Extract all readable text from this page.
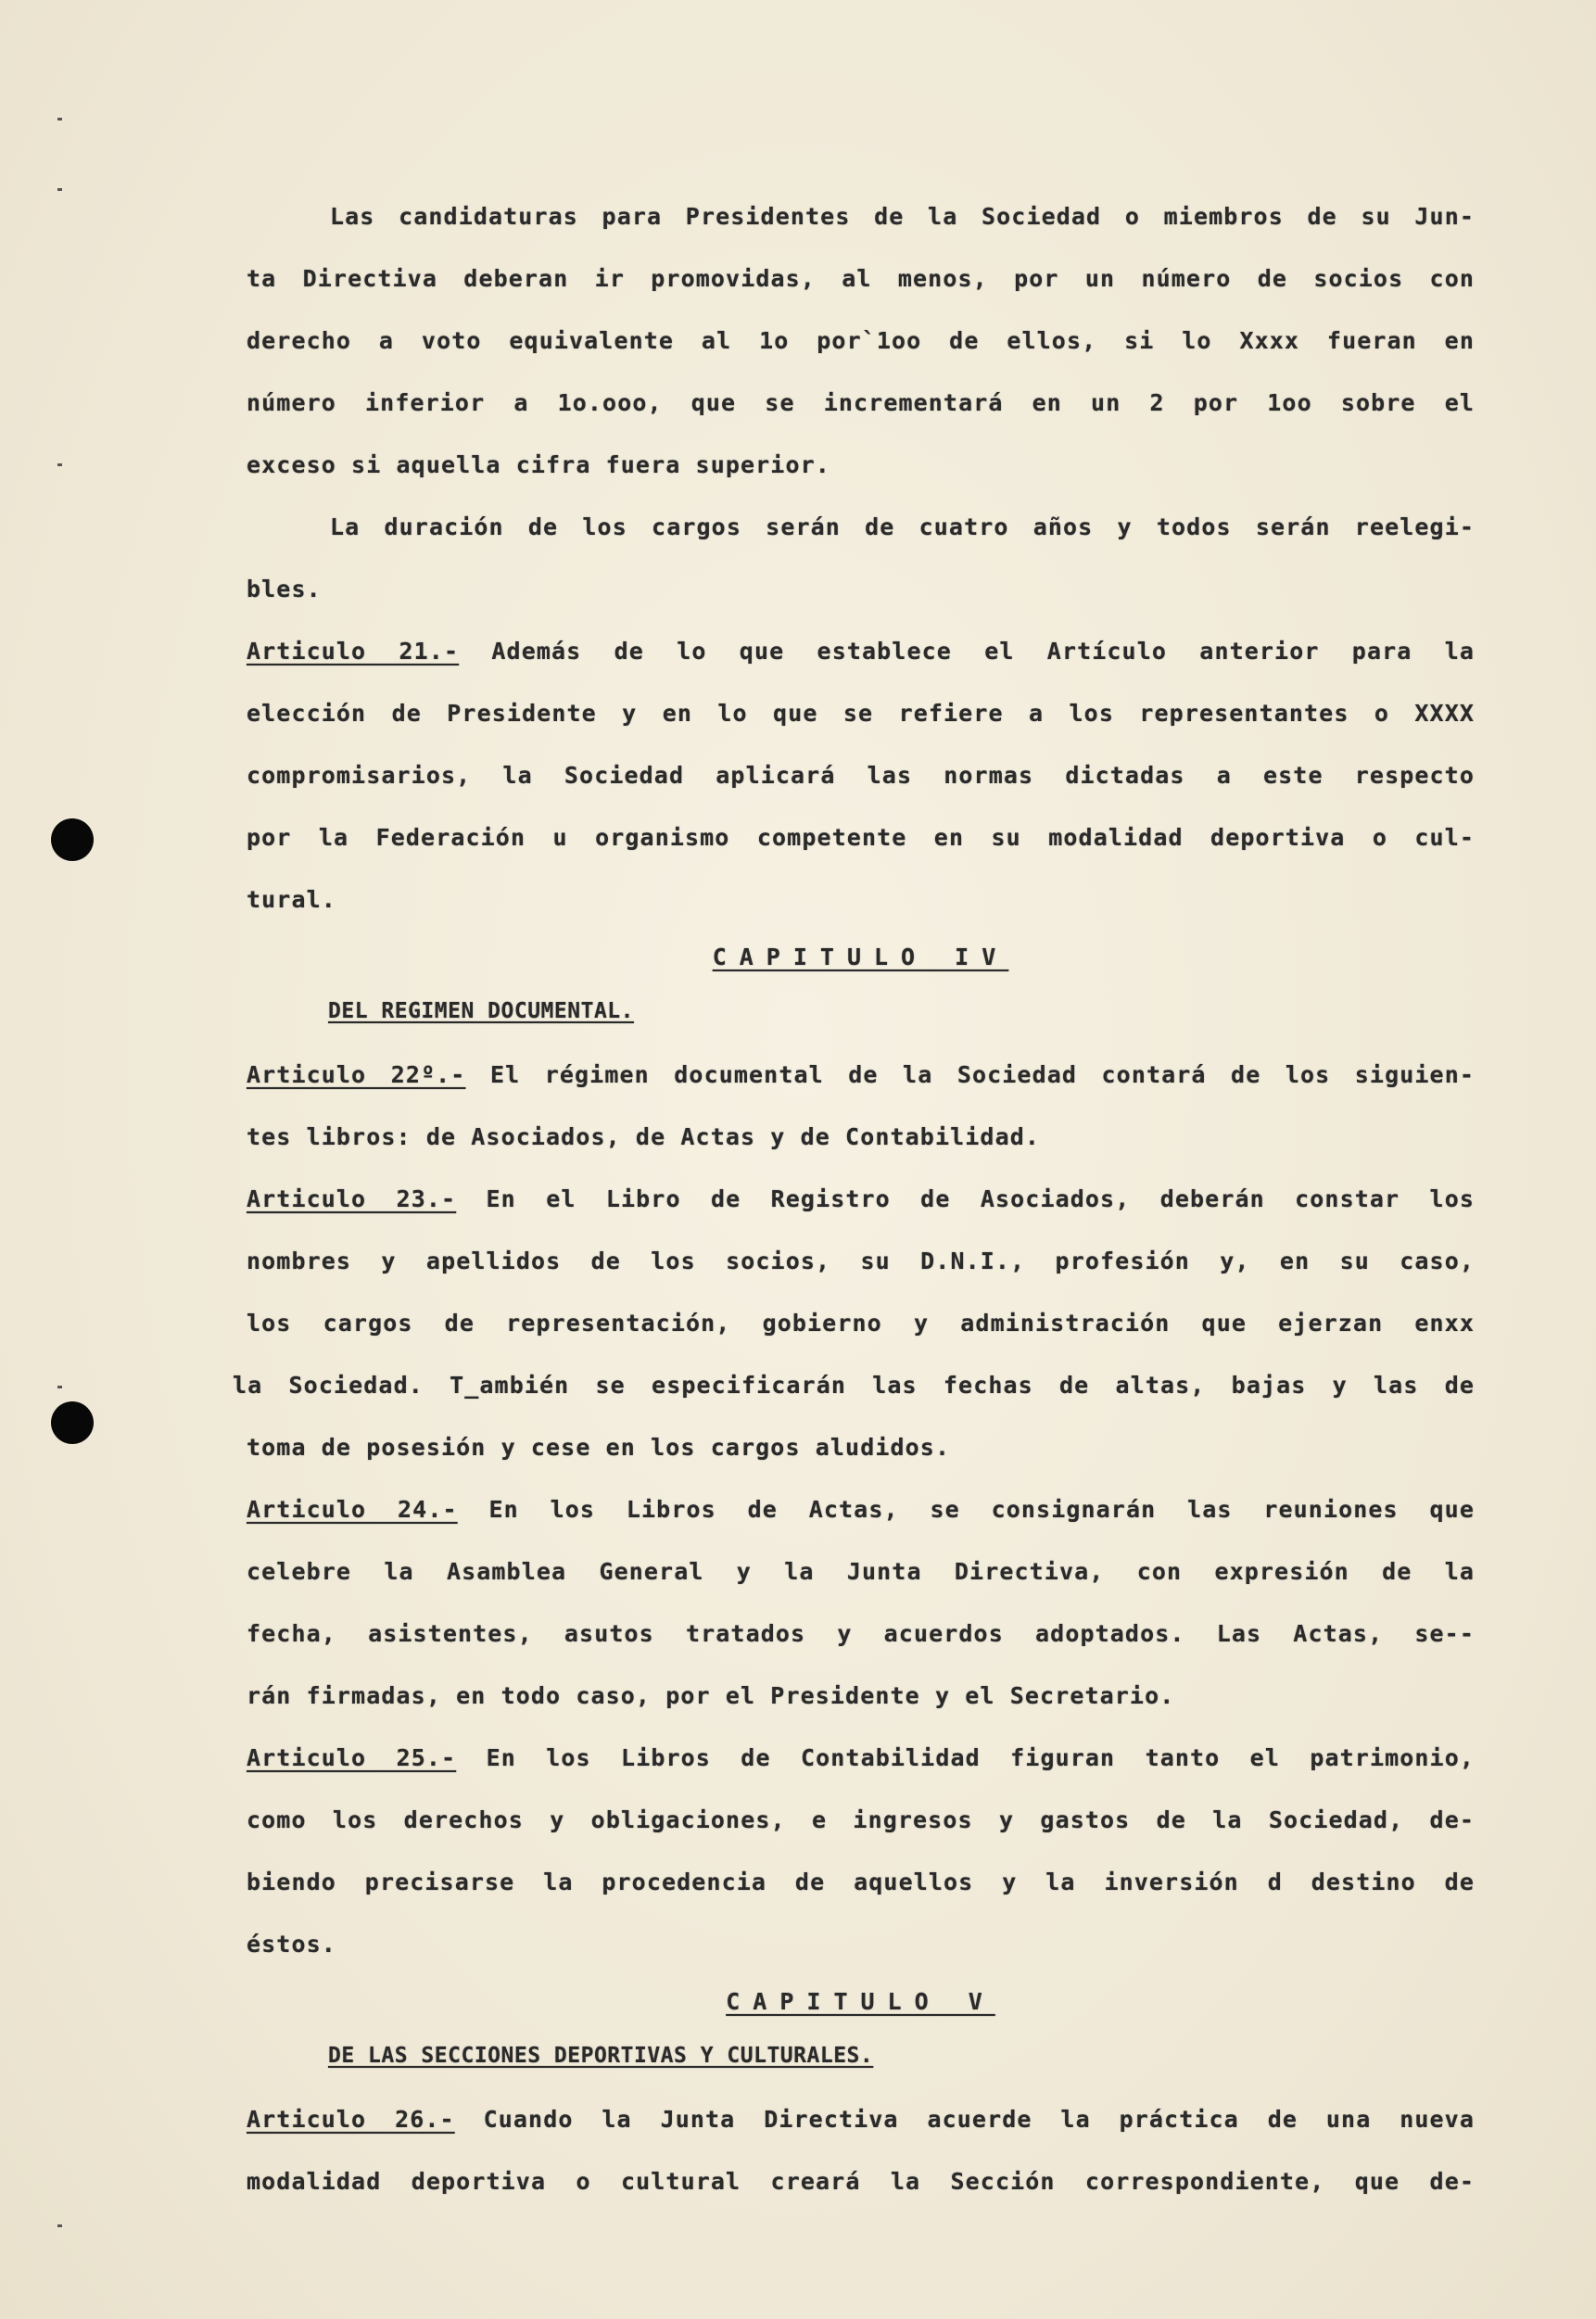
Las candidaturas para Presidentes de la Sociedad o miembros de su Jun-
ta Directiva deberan ir promovidas, al menos, por un número de socios con
derecho a voto equivalente al 1o por`1oo de ellos, si lo Xxxx fueran en
número inferior a 1o.ooo, que se incrementará en un 2 por 1oo sobre el
exceso si aquella cifra fuera superior.
La duración de los cargos serán de cuatro años y todos serán reelegi-
bles.
Articulo 21.- Además de lo que establece el Artículo anterior para la
elección de Presidente y en lo que se refiere a los representantes o XXXX
compromisarios, la Sociedad aplicará las normas dictadas a este respecto
por la Federación u organismo competente en su modalidad deportiva o cul-
tural.
CAPITULO IV
DEL REGIMEN DOCUMENTAL.
Articulo 22º.- El régimen documental de la Sociedad contará de los siguien-
tes libros: de Asociados, de Actas y de Contabilidad.
Articulo 23.- En el Libro de Registro de Asociados, deberán constar los
nombres y apellidos de los socios, su D.N.I., profesión y, en su caso,
los cargos de representación, gobierno y administración que ejerzan enxx
la Sociedad. T_ambién se especificarán las fechas de altas, bajas y las de
toma de posesión y cese en los cargos aludidos.
Articulo 24.- En los Libros de Actas, se consignarán las reuniones que
celebre la Asamblea General y la Junta Directiva, con expresión de la
fecha, asistentes, asutos tratados y acuerdos adoptados. Las Actas, se--
rán firmadas, en todo caso, por el Presidente y el Secretario.
Articulo 25.- En los Libros de Contabilidad figuran tanto el patrimonio,
como los derechos y obligaciones, e ingresos y gastos de la Sociedad, de-
biendo precisarse la procedencia de aquellos y la inversión d destino de
éstos.
CAPITULO V
DE LAS SECCIONES DEPORTIVAS Y CULTURALES.
Articulo 26.- Cuando la Junta Directiva acuerde la práctica de una nueva
modalidad deportiva o cultural creará la Sección correspondiente, que de-
